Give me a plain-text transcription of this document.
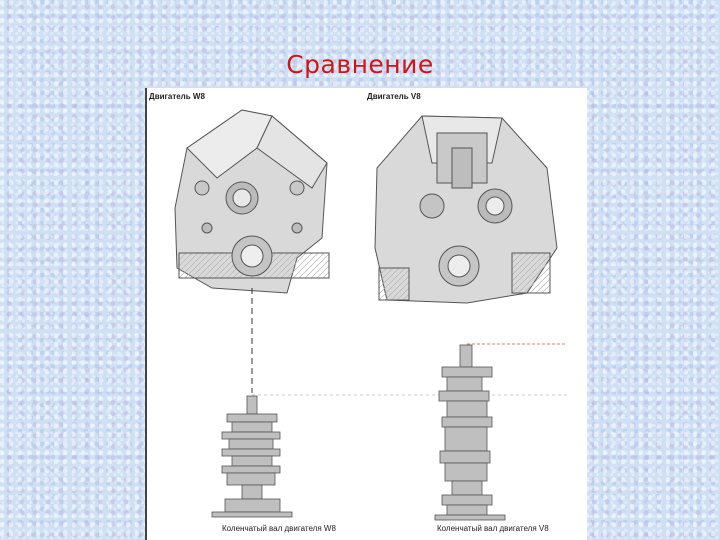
Сравнение
Двигатель W8	Двигатель V8
Коленчатый вал двигателя W8	Коленчатый вал двигателя V8
